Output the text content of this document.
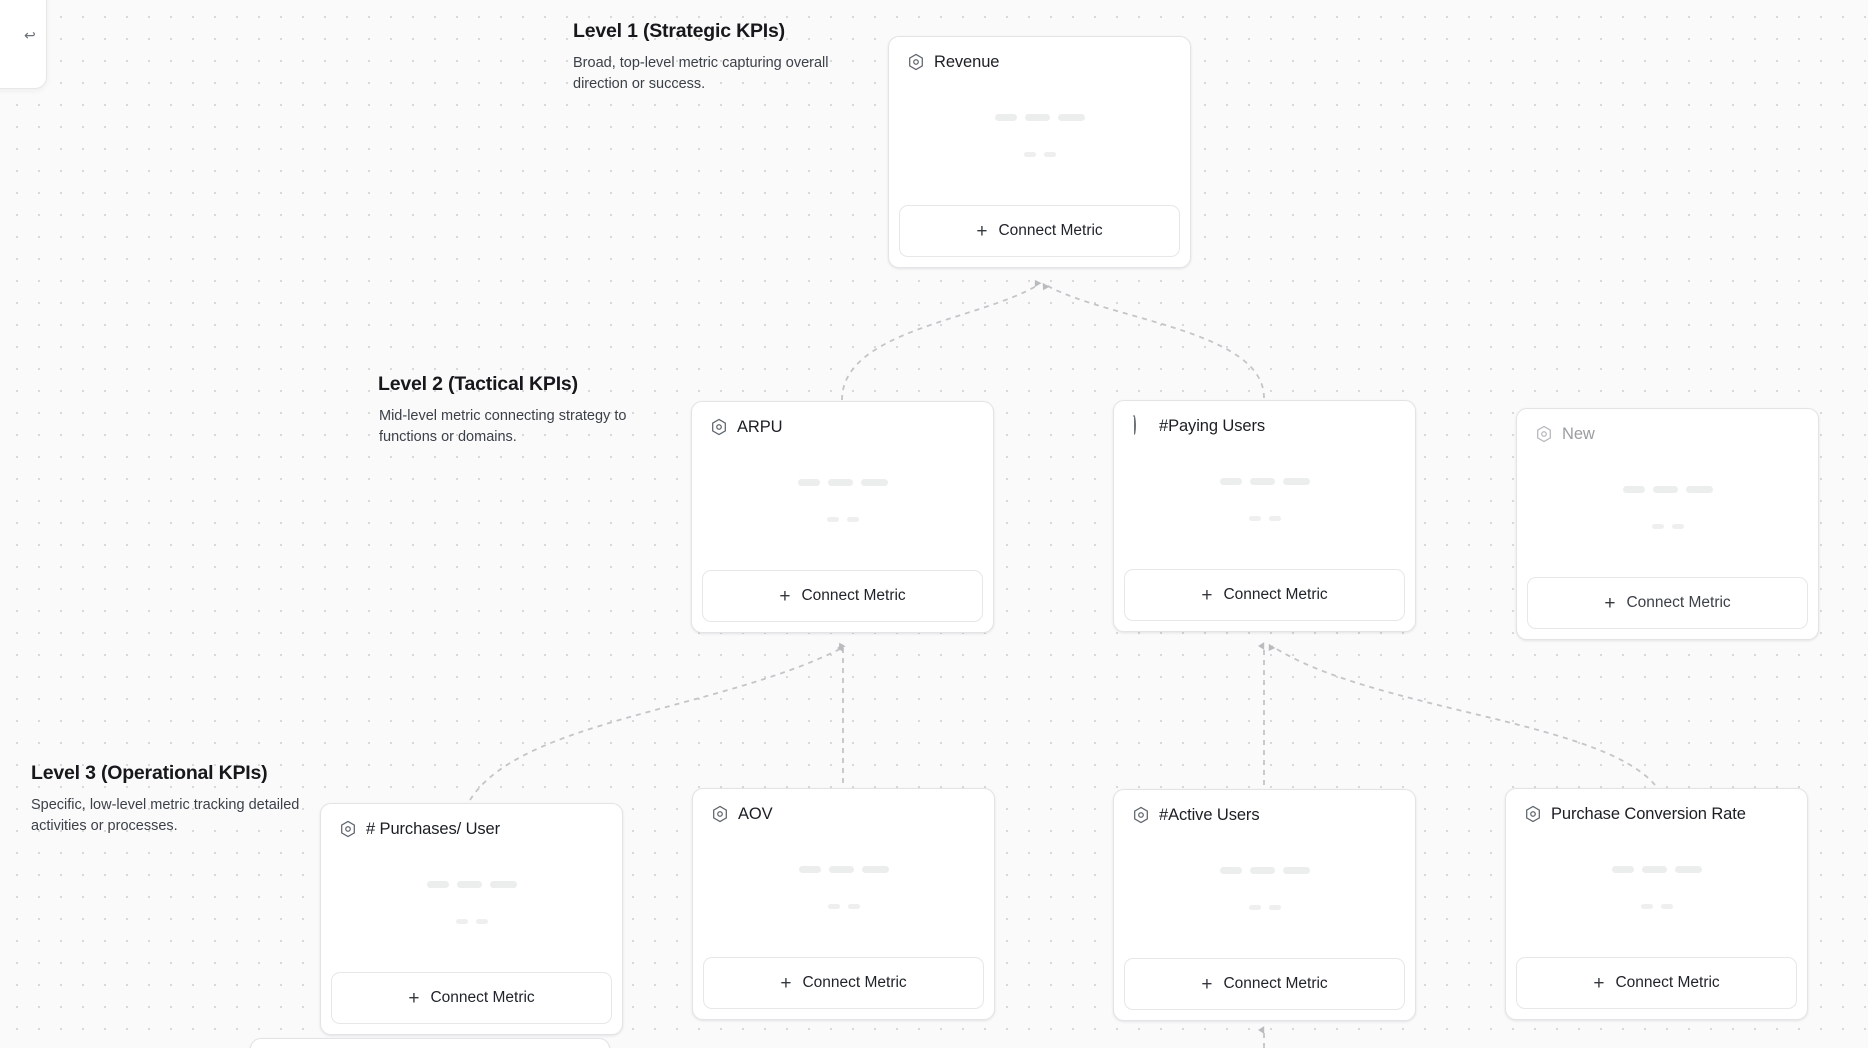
↩	Level 1 (Strategic KPIs)
Broad, top-level metric capturing overall direction or success.
Level 2 (Tactical KPIs)
Mid-level metric connecting strategy to functions or domains.
Level 3 (Operational KPIs)
Specific, low-level metric tracking detailed activities or processes.
Revenue
+ Connect Metric
ARPU
+ Connect Metric
#Paying Users
+ Connect Metric
New
+ Connect Metric
# Purchases/ User
+ Connect Metric
AOV
+ Connect Metric
#Active Users
+ Connect Metric
Purchase Conversion Rate
+ Connect Metric
